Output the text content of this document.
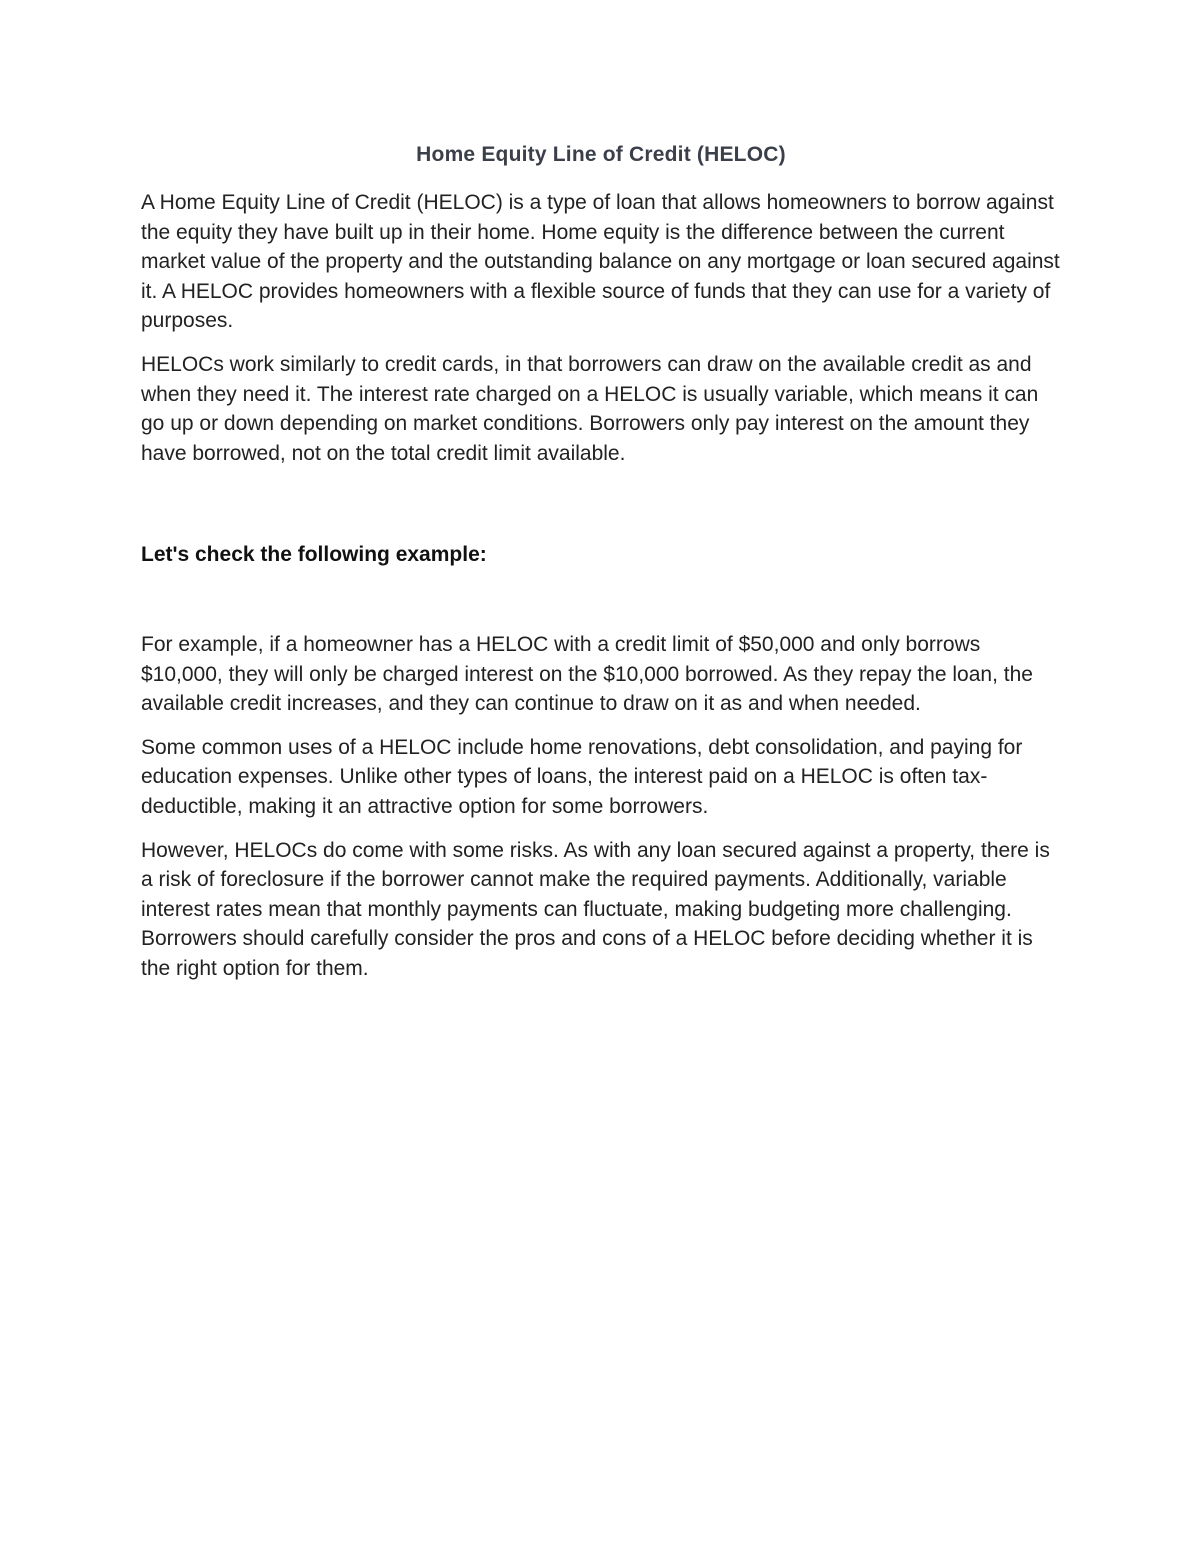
Home Equity Line of Credit (HELOC)

A Home Equity Line of Credit (HELOC) is a type of loan that allows homeowners to borrow against the equity they have built up in their home. Home equity is the difference between the current market value of the property and the outstanding balance on any mortgage or loan secured against it. A HELOC provides homeowners with a flexible source of funds that they can use for a variety of purposes.

HELOCs work similarly to credit cards, in that borrowers can draw on the available credit as and when they need it. The interest rate charged on a HELOC is usually variable, which means it can go up or down depending on market conditions. Borrowers only pay interest on the amount they have borrowed, not on the total credit limit available.

Let's check the following example:

For example, if a homeowner has a HELOC with a credit limit of $50,000 and only borrows $10,000, they will only be charged interest on the $10,000 borrowed. As they repay the loan, the available credit increases, and they can continue to draw on it as and when needed.

Some common uses of a HELOC include home renovations, debt consolidation, and paying for education expenses. Unlike other types of loans, the interest paid on a HELOC is often tax-deductible, making it an attractive option for some borrowers.

However, HELOCs do come with some risks. As with any loan secured against a property, there is a risk of foreclosure if the borrower cannot make the required payments. Additionally, variable interest rates mean that monthly payments can fluctuate, making budgeting more challenging. Borrowers should carefully consider the pros and cons of a HELOC before deciding whether it is the right option for them.
